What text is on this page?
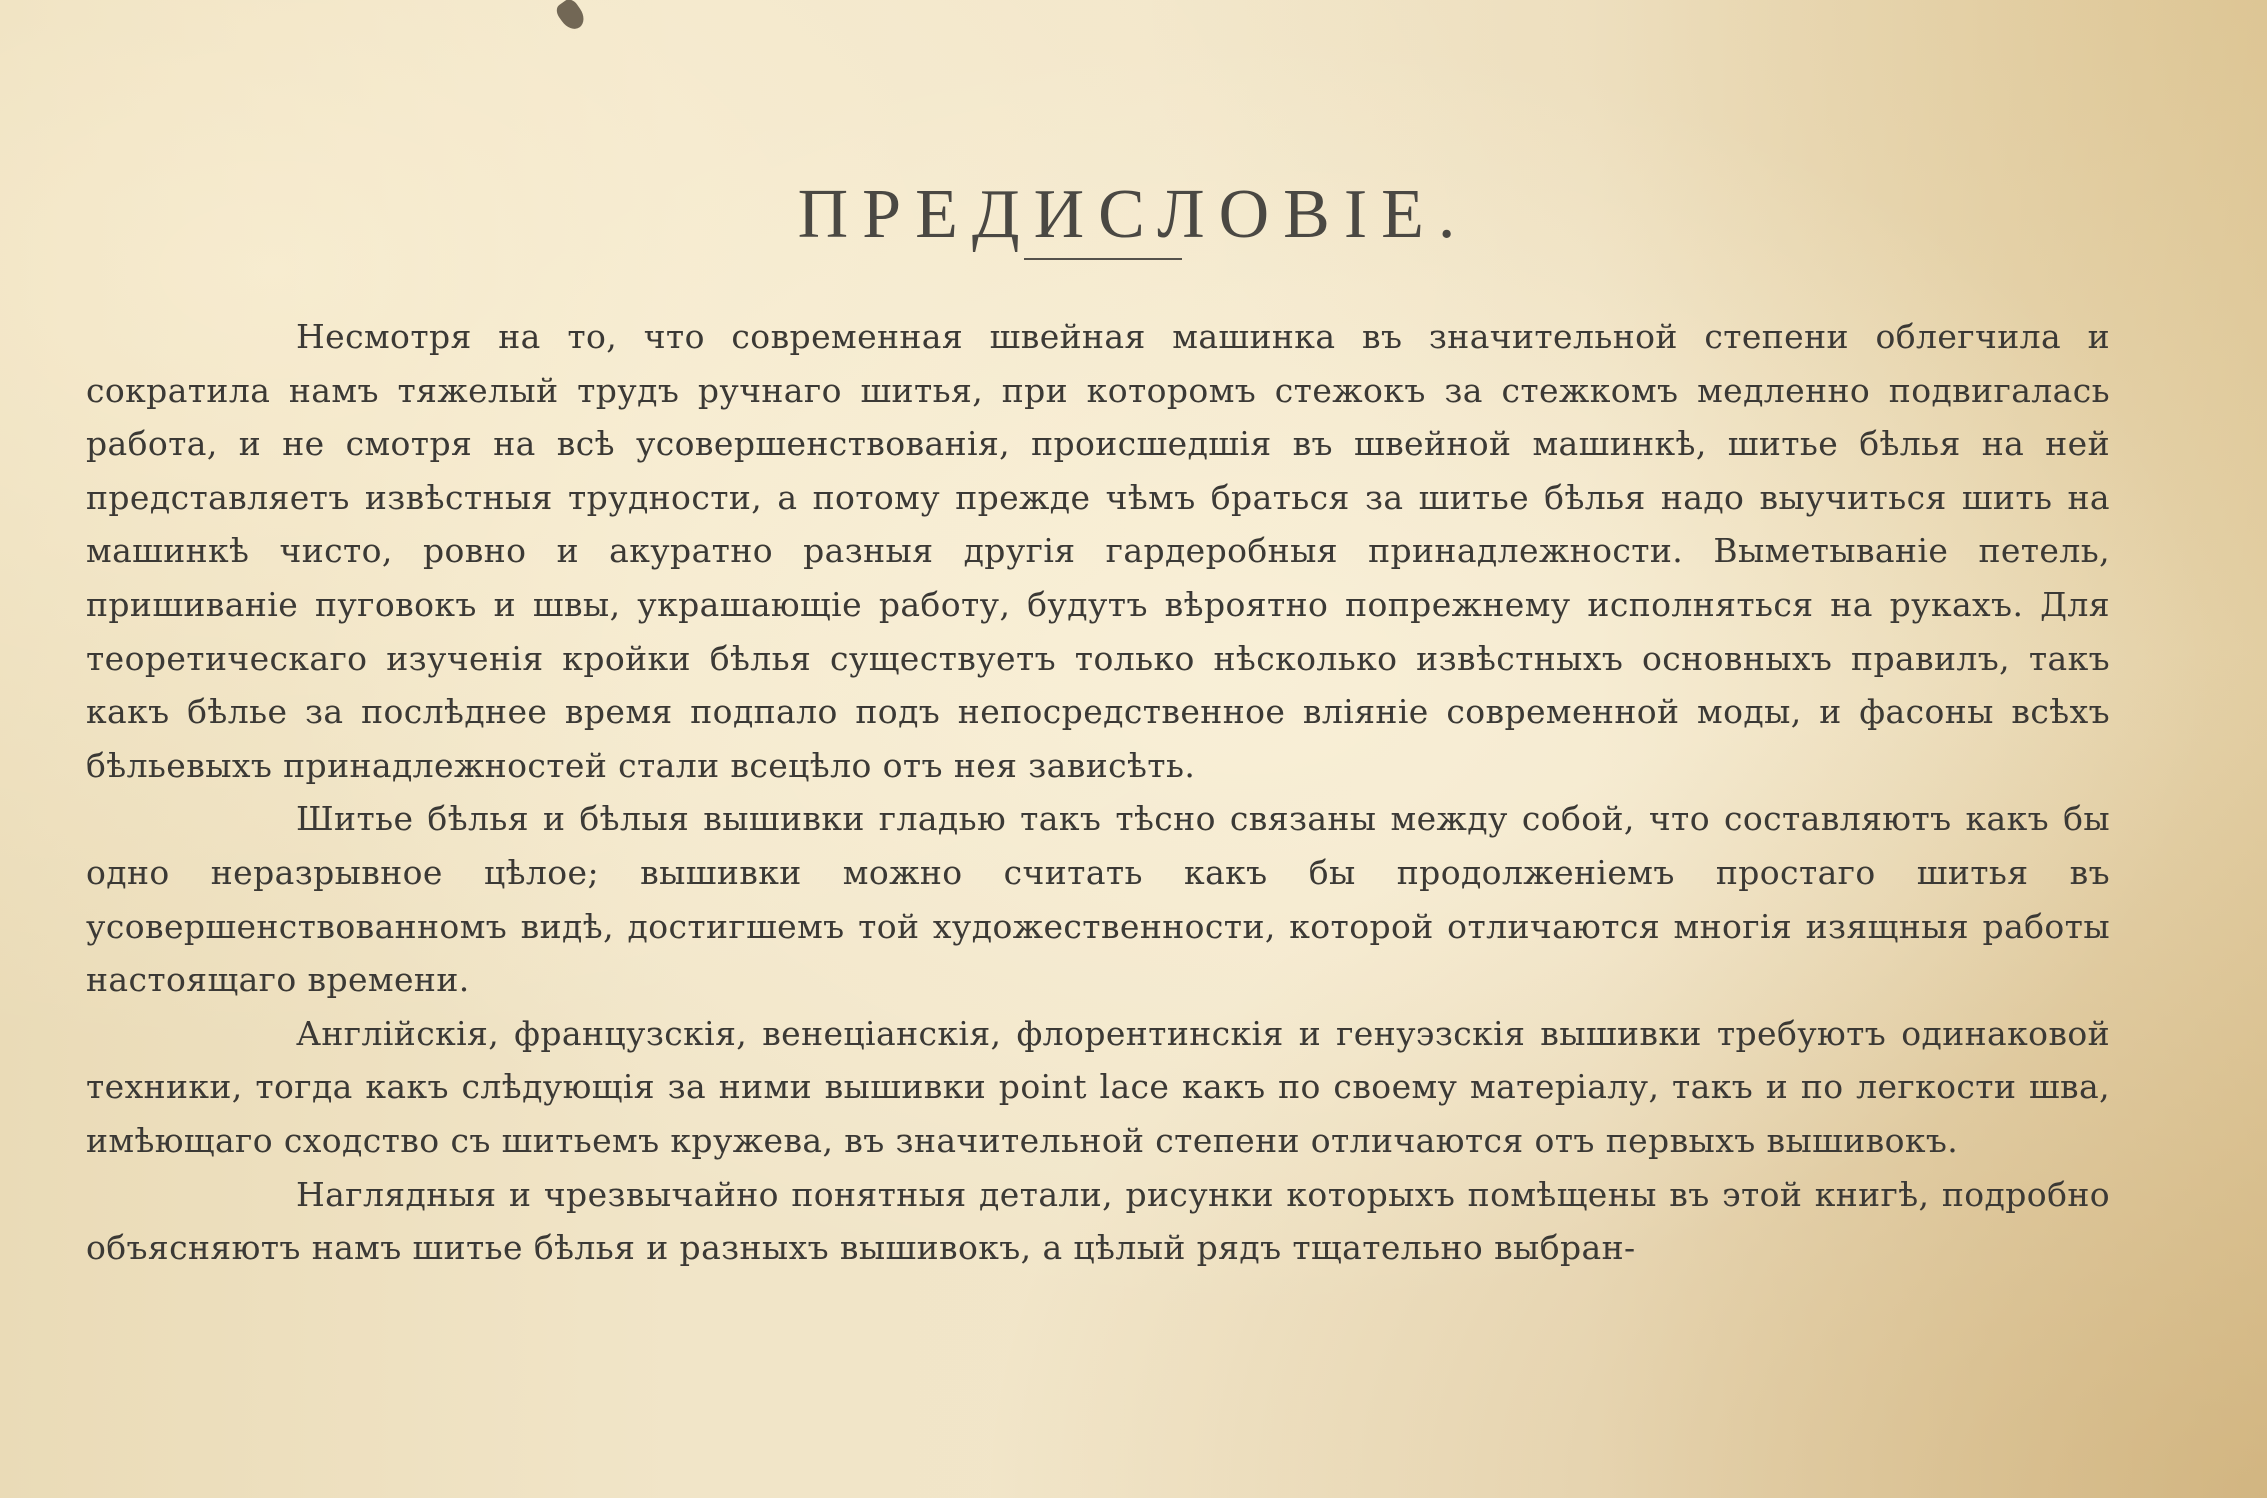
ПРЕДИСЛОВIE.

Несмотря на то, что современная швейная машинка въ значительной степени облегчила и сократила намъ тяжелый трудъ ручнаго шитья, при которомъ стежокъ за стежкомъ медленно подвигалась работа, и не смотря на всѣ усовершенствованія, происшедшія въ швейной машинкѣ, шитье бѣлья на ней представляетъ извѣстныя трудности, а потому прежде чѣмъ браться за шитье бѣлья надо выучиться шить на машинкѣ чисто, ровно и акуратно разныя другія гардеробныя принадлежности. Выметываніе петель, пришиваніе пуговокъ и швы, украшающіе работу, будутъ вѣроятно попрежнему исполняться на рукахъ. Для теоретическаго изученія кройки бѣлья существуетъ только нѣсколько извѣстныхъ основныхъ правилъ, такъ какъ бѣлье за послѣднее время подпало подъ непосредственное вліяніе современной моды, и фасоны всѣхъ бѣльевыхъ принадлежностей стали всецѣло отъ нея зависѣть.

Шитье бѣлья и бѣлыя вышивки гладью такъ тѣсно связаны между собой, что составляютъ какъ бы одно неразрывное цѣлое; вышивки можно считать какъ бы продолженіемъ простаго шитья въ усовершенствованномъ видѣ, достигшемъ той художественности, которой отличаются многія изящныя работы настоящаго времени.

Англійскія, французскія, венеціанскія, флорентинскія и генуэзскія вышивки требуютъ одинаковой техники, тогда какъ слѣдующія за ними вышивки point lace какъ по своему матеріалу, такъ и по легкости шва, имѣющаго сходство съ шитьемъ кружева, въ значительной степени отличаются отъ первыхъ вышивокъ.

Наглядныя и чрезвычайно понятныя детали, рисунки которыхъ помѣщены въ этой книгѣ, подробно объясняютъ намъ шитье бѣлья и разныхъ вышивокъ, а цѣлый рядъ тщательно выбран-
